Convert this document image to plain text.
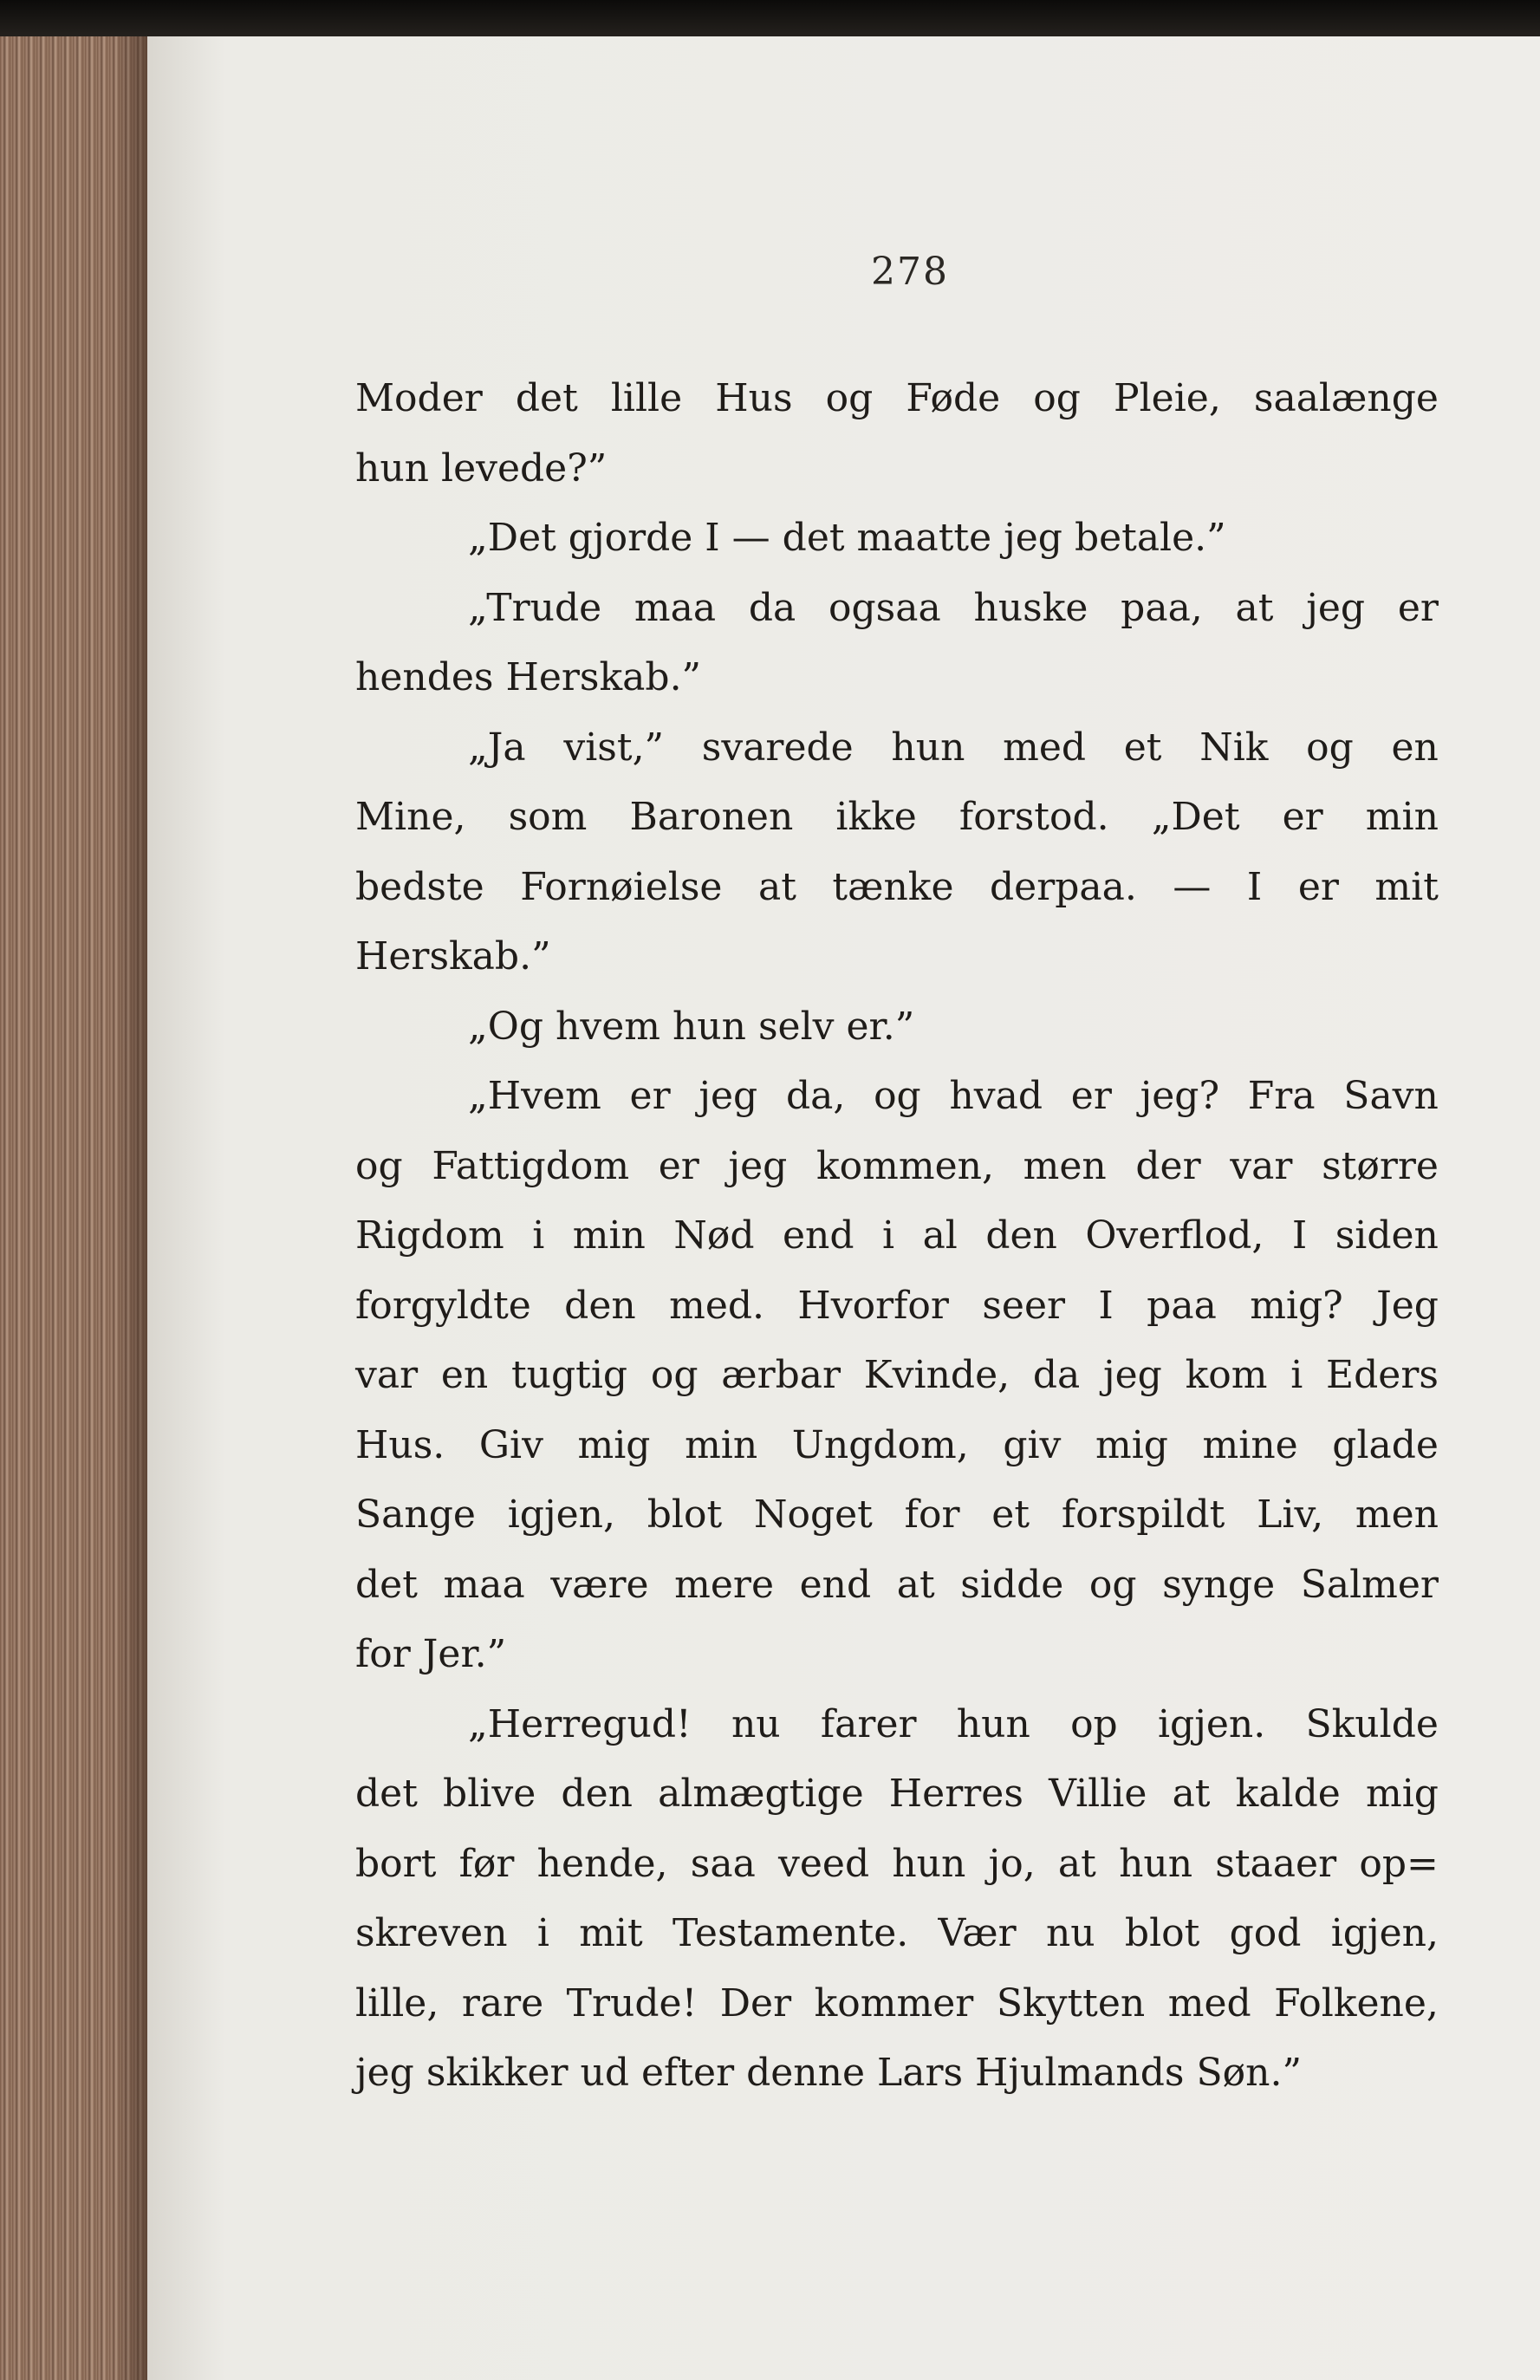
278
Moder det lille Hus og Føde og Pleie, saalænge
hun levede?”
„Det gjorde I — det maatte jeg betale.”
„Trude maa da ogsaa huske paa, at jeg er
hendes Herskab.”
„Ja vist,” svarede hun med et Nik og en
Mine, som Baronen ikke forstod. „Det er min
bedste Fornøielse at tænke derpaa. — I er mit
Herskab.”
„Og hvem hun selv er.”
„Hvem er jeg da, og hvad er jeg? Fra Savn
og Fattigdom er jeg kommen, men der var større
Rigdom i min Nød end i al den Overflod, I siden
forgyldte den med. Hvorfor seer I paa mig? Jeg
var en tugtig og ærbar Kvinde, da jeg kom i Eders
Hus. Giv mig min Ungdom, giv mig mine glade
Sange igjen, blot Noget for et forspildt Liv, men
det maa være mere end at sidde og synge Salmer
for Jer.”
„Herregud! nu farer hun op igjen. Skulde
det blive den almægtige Herres Villie at kalde mig
bort før hende, saa veed hun jo, at hun staaer op=
skreven i mit Testamente. Vær nu blot god igjen,
lille, rare Trude! Der kommer Skytten med Folkene,
jeg skikker ud efter denne Lars Hjulmands Søn.”
